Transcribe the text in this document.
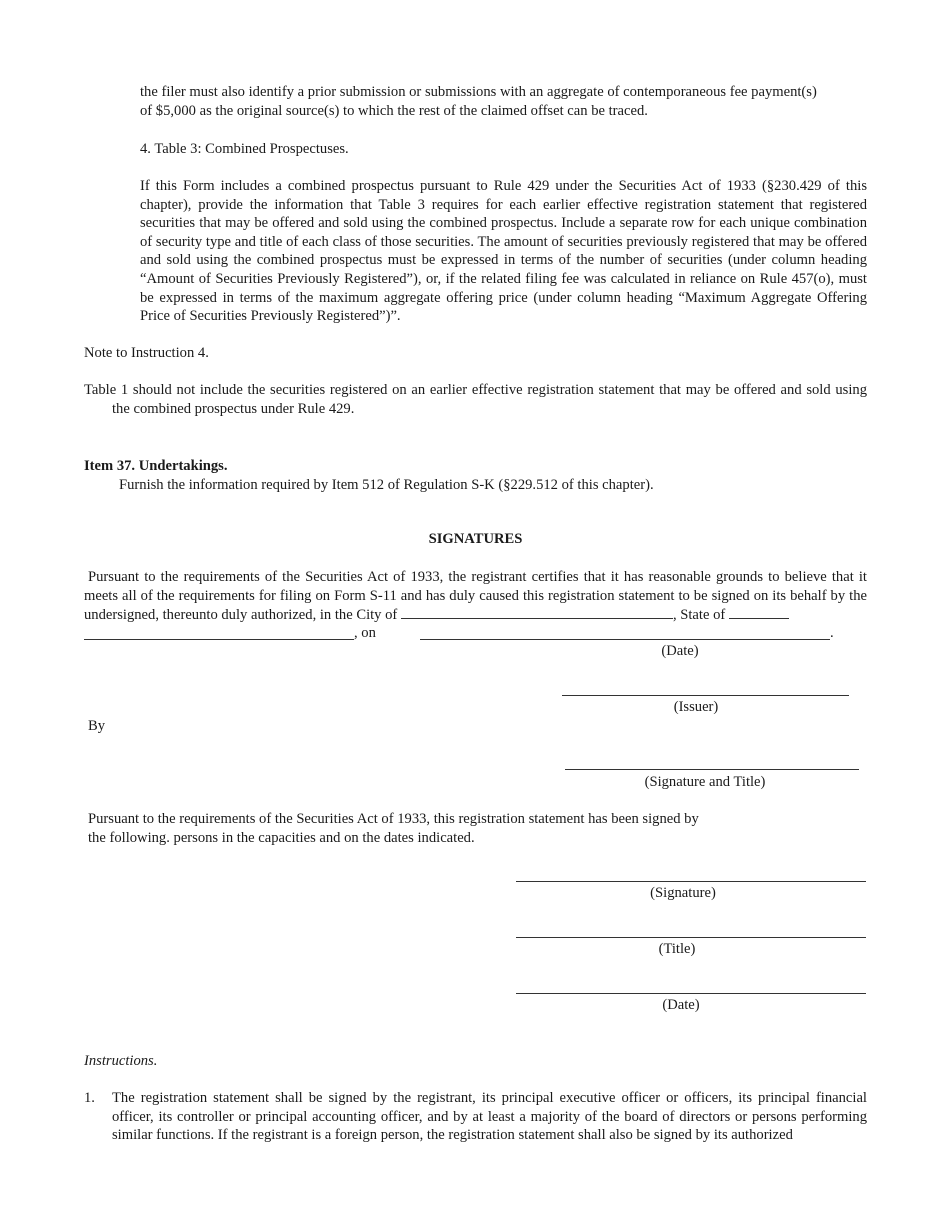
the filer must also identify a prior submission or submissions with an aggregate of contemporaneous fee payment(s)
of $5,000 as the original source(s) to which the rest of the claimed offset can be traced.
4. Table 3: Combined Prospectuses.

If this Form includes a combined prospectus pursuant to Rule 429 under the Securities Act of 1933 (§230.429 of this chapter), provide the information that Table 3 requires for each earlier effective registration statement that registered securities that may be offered and sold using the combined prospectus. Include a separate row for each unique combination of security type and title of each class of those securities. The amount of securities previously registered that may be offered and sold using the combined prospectus must be expressed in terms of the number of securities (under column heading “Amount of Securities Previously Registered”), or, if the related filing fee was calculated in reliance on Rule 457(o), must be expressed in terms of the maximum aggregate offering price (under column heading “Maximum Aggregate Offering Price of Securities Previously Registered”)”.

Note to Instruction 4.

Table 1 should not include the securities registered on an earlier effective registration statement that may be offered and sold using the combined prospectus under Rule 429.

Item 37. Undertakings.
Furnish the information required by Item 512 of Regulation S-K (§229.512 of this chapter).
SIGNATURES

Pursuant to the requirements of the Securities Act of 1933, the registrant certifies that it has reasonable grounds to believe that it meets all of the requirements for filing on Form S-11 and has duly caused this registration statement to be signed on its behalf by the undersigned, thereunto duly authorized, in the City of	, State of

, on	.
(Date)
(Issuer)
By
(Signature and Title)
Pursuant to the requirements of the Securities Act of 1933, this registration statement has been signed by
the following. persons in the capacities and on the dates indicated.
(Signature)
(Title)
(Date)
Instructions.
1. The registration statement shall be signed by the registrant, its principal executive officer or officers, its principal financial officer, its controller or principal accounting officer, and by at least a majority of the board of directors or persons performing similar functions. If the registrant is a foreign person, the registration statement shall also be signed by its authorized
